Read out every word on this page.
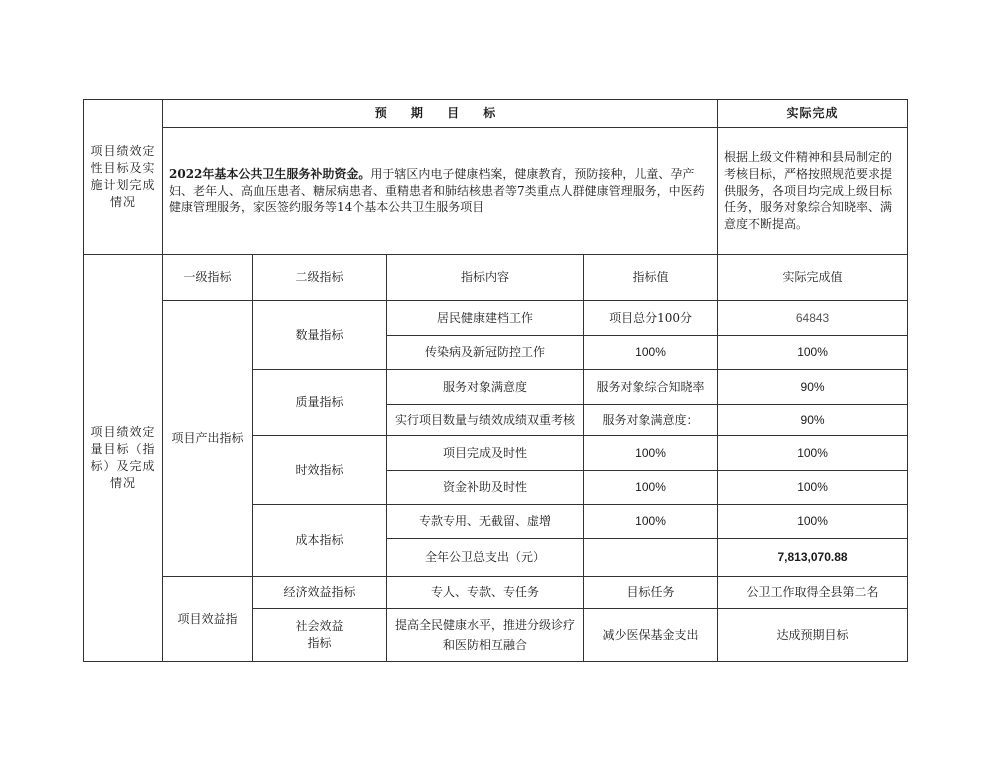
项目绩效定性目标及实施计划完成情况	预 期 目 标				实际完成
	2022年基本公共卫生服务补助资金。用于辖区内电子健康档案，健康教育，预防接种，儿童、孕产妇、老年人、高血压患者、糖尿病患者、重精患者和肺结核患者等7类重点人群健康管理服务，中医药健康管理服务，家医签约服务等14个基本公共卫生服务项目				根据上级文件精神和县局制定的考核目标，严格按照规范要求提供服务，各项目均完成上级目标任务，服务对象综合知晓率、满意度不断提高。
项目绩效定量目标（指标）及完成情况	一级指标	二级指标	指标内容	指标值	实际完成值
	项目产出指标	数量指标	居民健康建档工作	项目总分100分	64843
			传染病及新冠防控工作	100%	100%
		质量指标	服务对象满意度	服务对象综合知晓率	90%
			实行项目数量与绩效成绩双重考核	服务对象满意度：	90%
		时效指标	项目完成及时性	100%	100%
			资金补助及时性	100%	100%
		成本指标	专款专用、无截留、虚增	100%	100%
			全年公卫总支出（元）		7,813,070.88
	项目效益指	经济效益指标	专人、专款、专任务	目标任务	公卫工作取得全县第二名
		社会效益指标	提高全民健康水平，推进分级诊疗和医防相互融合	减少医保基金支出	达成预期目标
